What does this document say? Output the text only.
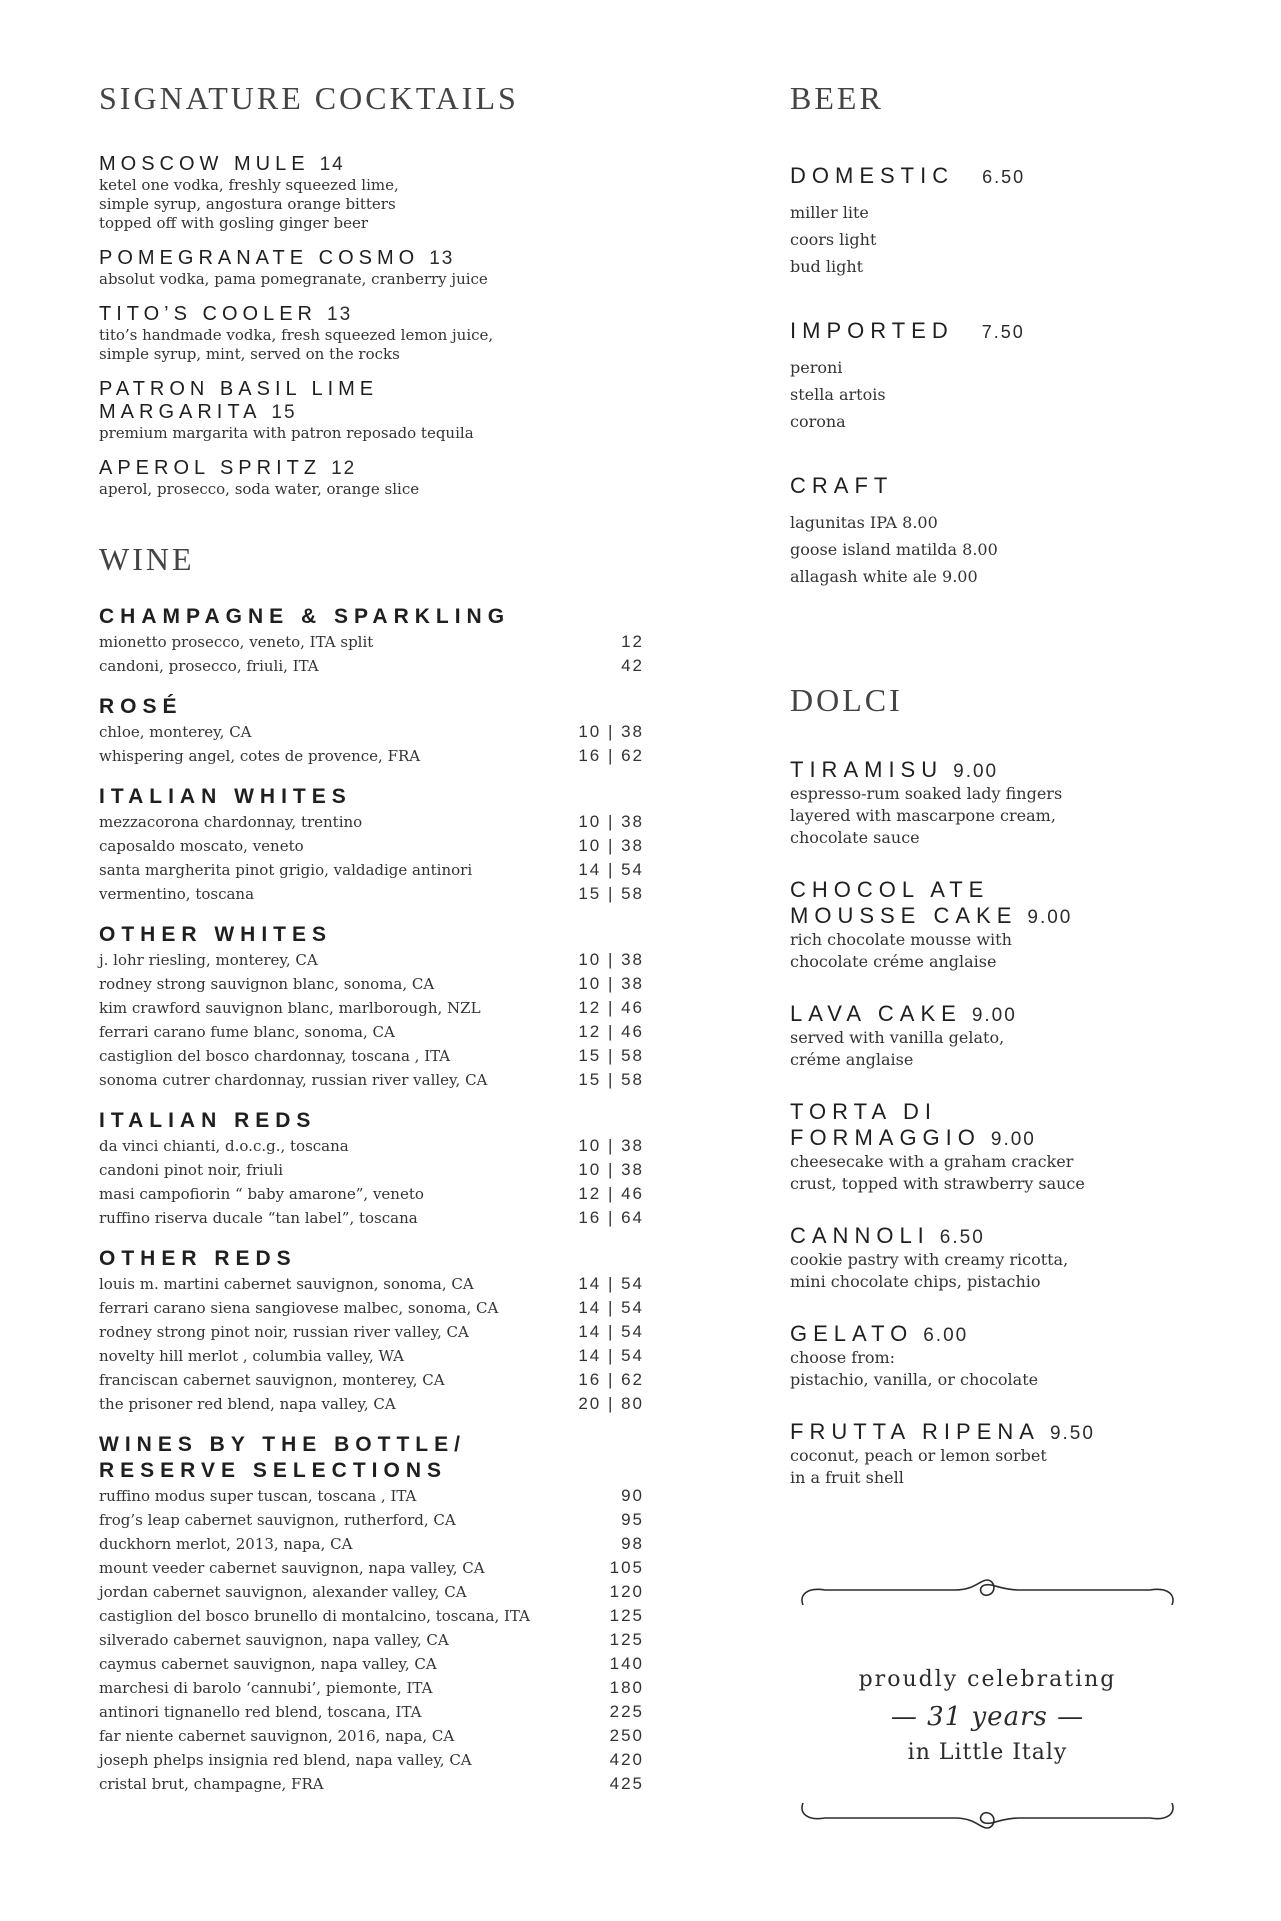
SIGNATURE COCKTAILS
MOSCOW MULE 14
ketel one vodka, freshly squeezed lime,
simple syrup, angostura orange bitters
topped off with gosling ginger beer
POMEGRANATE COSMO 13
absolut vodka, pama pomegranate, cranberry juice
TITO’S COOLER 13
tito’s handmade vodka, fresh squeezed lemon juice,
simple syrup, mint, served on the rocks
PATRON BASIL LIME
MARGARITA 15
premium margarita with patron reposado tequila
APEROL SPRITZ 12
aperol, prosecco, soda water, orange slice
WINE
CHAMPAGNE & SPARKLING
mionetto prosecco, veneto, ITA split	12
candoni, prosecco, friuli, ITA	42
ROSÉ
chloe, monterey, CA	10 | 38
whispering angel, cotes de provence, FRA	16 | 62
ITALIAN WHITES
mezzacorona chardonnay, trentino	10 | 38
caposaldo moscato, veneto	10 | 38
santa margherita pinot grigio, valdadige antinori	14 | 54
vermentino, toscana	15 | 58
OTHER WHITES
j. lohr riesling, monterey, CA	10 | 38
rodney strong sauvignon blanc, sonoma, CA	10 | 38
kim crawford sauvignon blanc, marlborough, NZL	12 | 46
ferrari carano fume blanc, sonoma, CA	12 | 46
castiglion del bosco chardonnay, toscana , ITA	15 | 58
sonoma cutrer chardonnay, russian river valley, CA	15 | 58
ITALIAN REDS
da vinci chianti, d.o.c.g., toscana	10 | 38
candoni pinot noir, friuli	10 | 38
masi campofiorin “ baby amarone”, veneto	12 | 46
ruffino riserva ducale “tan label”, toscana	16 | 64
OTHER REDS
louis m. martini cabernet sauvignon, sonoma, CA	14 | 54
ferrari carano siena sangiovese malbec, sonoma, CA	14 | 54
rodney strong pinot noir, russian river valley, CA	14 | 54
novelty hill merlot , columbia valley, WA	14 | 54
franciscan cabernet sauvignon, monterey, CA	16 | 62
the prisoner red blend, napa valley, CA	20 | 80
WINES BY THE BOTTLE/
RESERVE SELECTIONS
ruffino modus super tuscan, toscana , ITA	90
frog’s leap cabernet sauvignon, rutherford, CA	95
duckhorn merlot, 2013, napa, CA	98
mount veeder cabernet sauvignon, napa valley, CA	105
jordan cabernet sauvignon, alexander valley, CA	120
castiglion del bosco brunello di montalcino, toscana, ITA	125
silverado cabernet sauvignon, napa valley, CA	125
caymus cabernet sauvignon, napa valley, CA	140
marchesi di barolo ‘cannubi’, piemonte, ITA	180
antinori tignanello red blend, toscana, ITA	225
far niente cabernet sauvignon, 2016, napa, CA	250
joseph phelps insignia red blend, napa valley, CA	420
cristal brut, champagne, FRA	425
BEER
DOMESTIC 6.50
miller lite
coors light
bud light
IMPORTED 7.50
peroni
stella artois
corona
CRAFT
lagunitas IPA 8.00
goose island matilda 8.00
allagash white ale 9.00
DOLCI
TIRAMISU 9.00
espresso-rum soaked lady fingers
layered with mascarpone cream,
chocolate sauce
CHOCOL ATE
MOUSSE CAKE 9.00
rich chocolate mousse with
chocolate créme anglaise
LAVA CAKE 9.00
served with vanilla gelato,
créme anglaise
TORTA DI
FORMAGGIO 9.00
cheesecake with a graham cracker
crust, topped with strawberry sauce
CANNOLI 6.50
cookie pastry with creamy ricotta,
mini chocolate chips, pistachio
GELATO 6.00
choose from:
pistachio, vanilla, or chocolate
FRUTTA RIPENA 9.50
coconut, peach or lemon sorbet
in a fruit shell
proudly celebrating
— 31 years —
in Little Italy
